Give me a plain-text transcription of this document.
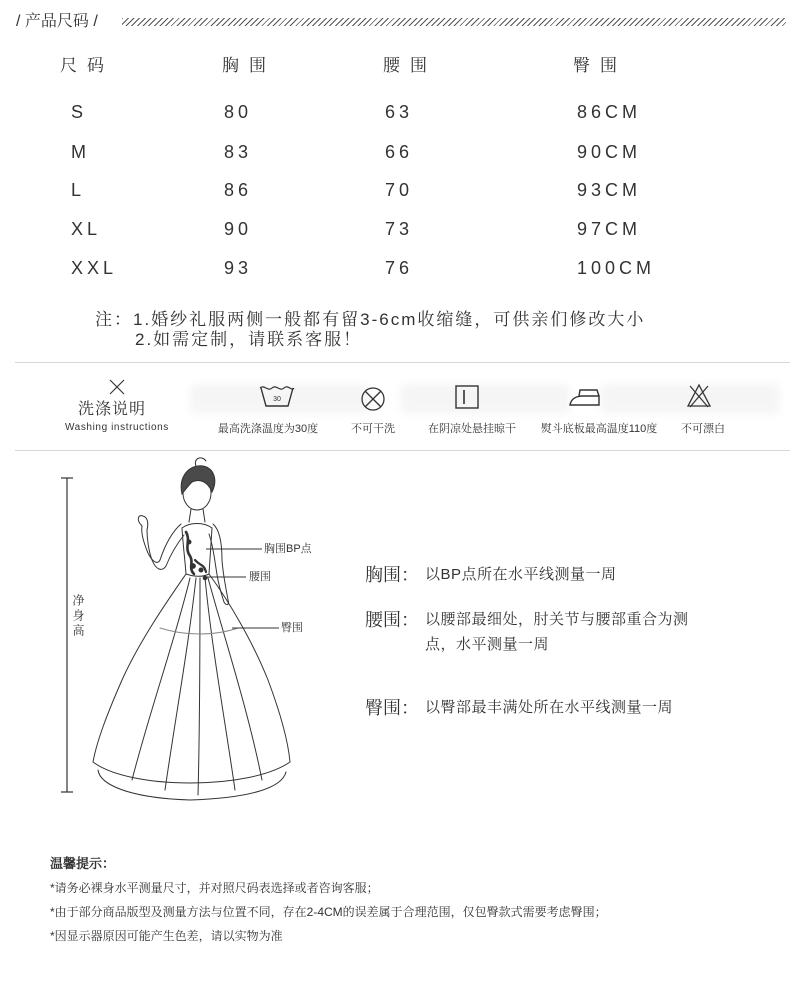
/ 产品尺码 /
尺码	胸围	腰围	臀围
S	80	63	86CM
M	83	66	90CM
L	86	70	93CM
XL	90	73	97CM
XXL	93	76	100CM
注：1.婚纱礼服两侧一般都有留3-6cm收缩缝，可供亲们修改大小
2.如需定制，请联系客服！
洗涤说明
Washing instructions
30
最高洗涤温度为30度	不可干洗	在阴凉处悬挂晾干	熨斗底板最高温度110度	不可漂白
净身高
胸围BP点
腰围
臀围
胸围： 以BP点所在水平线测量一周
腰围： 以腰部最细处，肘关节与腰部重合为测
点，水平测量一周
臀围： 以臀部最丰满处所在水平线测量一周
温馨提示：
*请务必裸身水平测量尺寸，并对照尺码表选择或者咨询客服；
*由于部分商品版型及测量方法与位置不同，存在2-4CM的误差属于合理范围，仅包臀款式需要考虑臀围；
*因显示器原因可能产生色差，请以实物为准
